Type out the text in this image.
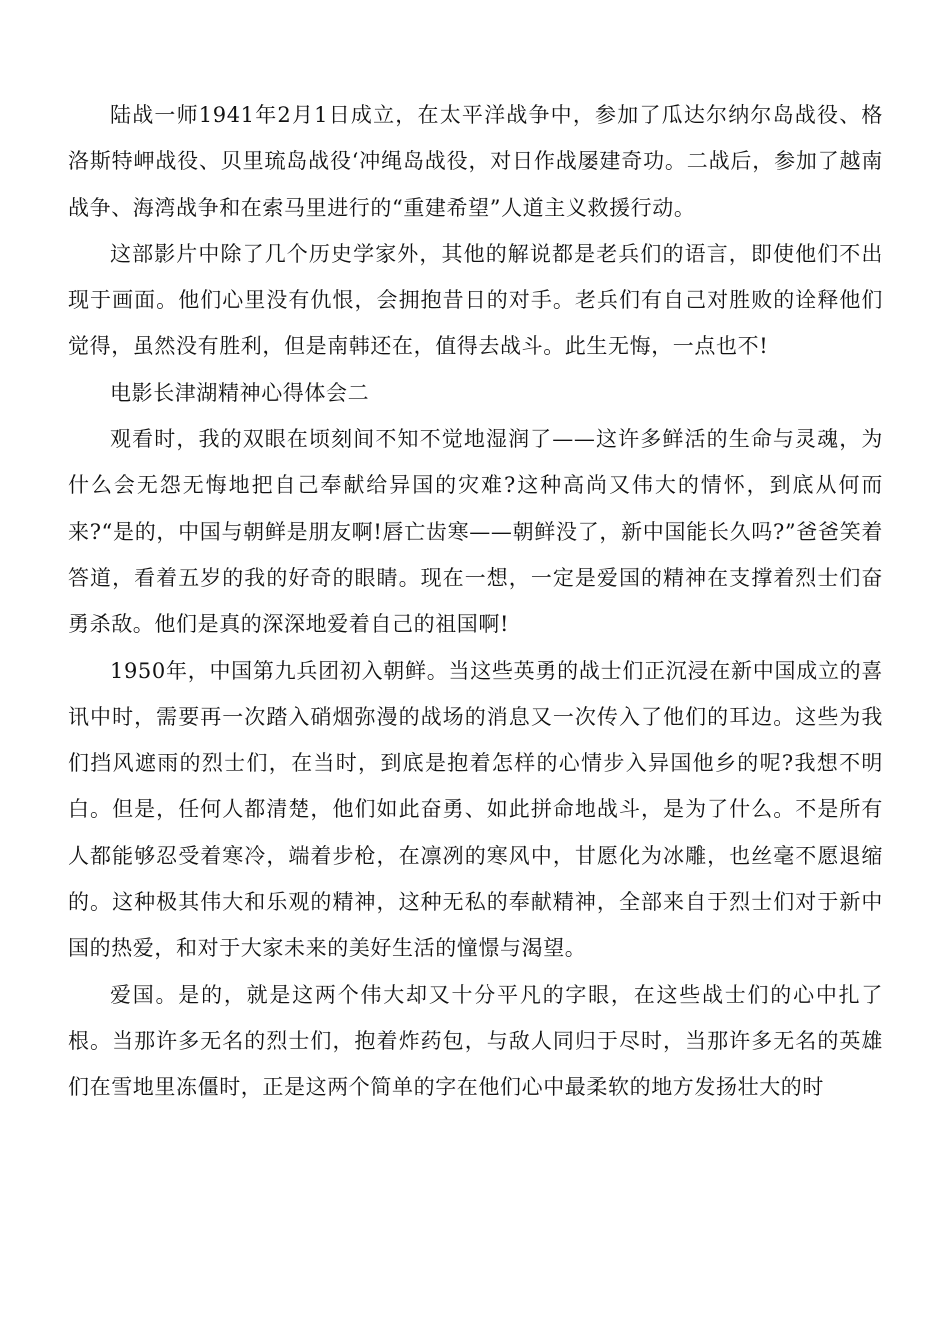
陆战一师1941年2月1日成立，在太平洋战争中，参加了瓜达尔纳尔岛战役、格洛斯特岬战役、贝里琉岛战役‘冲绳岛战役，对日作战屡建奇功。二战后，参加了越南战争、海湾战争和在索马里进行的“重建希望”人道主义救援行动。

这部影片中除了几个历史学家外，其他的解说都是老兵们的语言，即使他们不出现于画面。他们心里没有仇恨，会拥抱昔日的对手。老兵们有自己对胜败的诠释他们觉得，虽然没有胜利，但是南韩还在，值得去战斗。此生无悔，一点也不!

电影长津湖精神心得体会二

观看时，我的双眼在顷刻间不知不觉地湿润了——这许多鲜活的生命与灵魂，为什么会无怨无悔地把自己奉献给异国的灾难?这种高尚又伟大的情怀，到底从何而来?“是的，中国与朝鲜是朋友啊!唇亡齿寒——朝鲜没了，新中国能长久吗?”爸爸笑着答道，看着五岁的我的好奇的眼睛。现在一想，一定是爱国的精神在支撑着烈士们奋勇杀敌。他们是真的深深地爱着自己的祖国啊!

1950年，中国第九兵团初入朝鲜。当这些英勇的战士们正沉浸在新中国成立的喜讯中时，需要再一次踏入硝烟弥漫的战场的消息又一次传入了他们的耳边。这些为我们挡风遮雨的烈士们，在当时，到底是抱着怎样的心情步入异国他乡的呢?我想不明白。但是，任何人都清楚，他们如此奋勇、如此拼命地战斗，是为了什么。不是所有人都能够忍受着寒冷，端着步枪，在凛冽的寒风中，甘愿化为冰雕，也丝毫不愿退缩的。这种极其伟大和乐观的精神，这种无私的奉献精神，全部来自于烈士们对于新中国的热爱，和对于大家未来的美好生活的憧憬与渴望。

爱国。是的，就是这两个伟大却又十分平凡的字眼，在这些战士们的心中扎了根。当那许多无名的烈士们，抱着炸药包，与敌人同归于尽时，当那许多无名的英雄们在雪地里冻僵时，正是这两个简单的字在他们心中最柔软的地方发扬壮大的时
